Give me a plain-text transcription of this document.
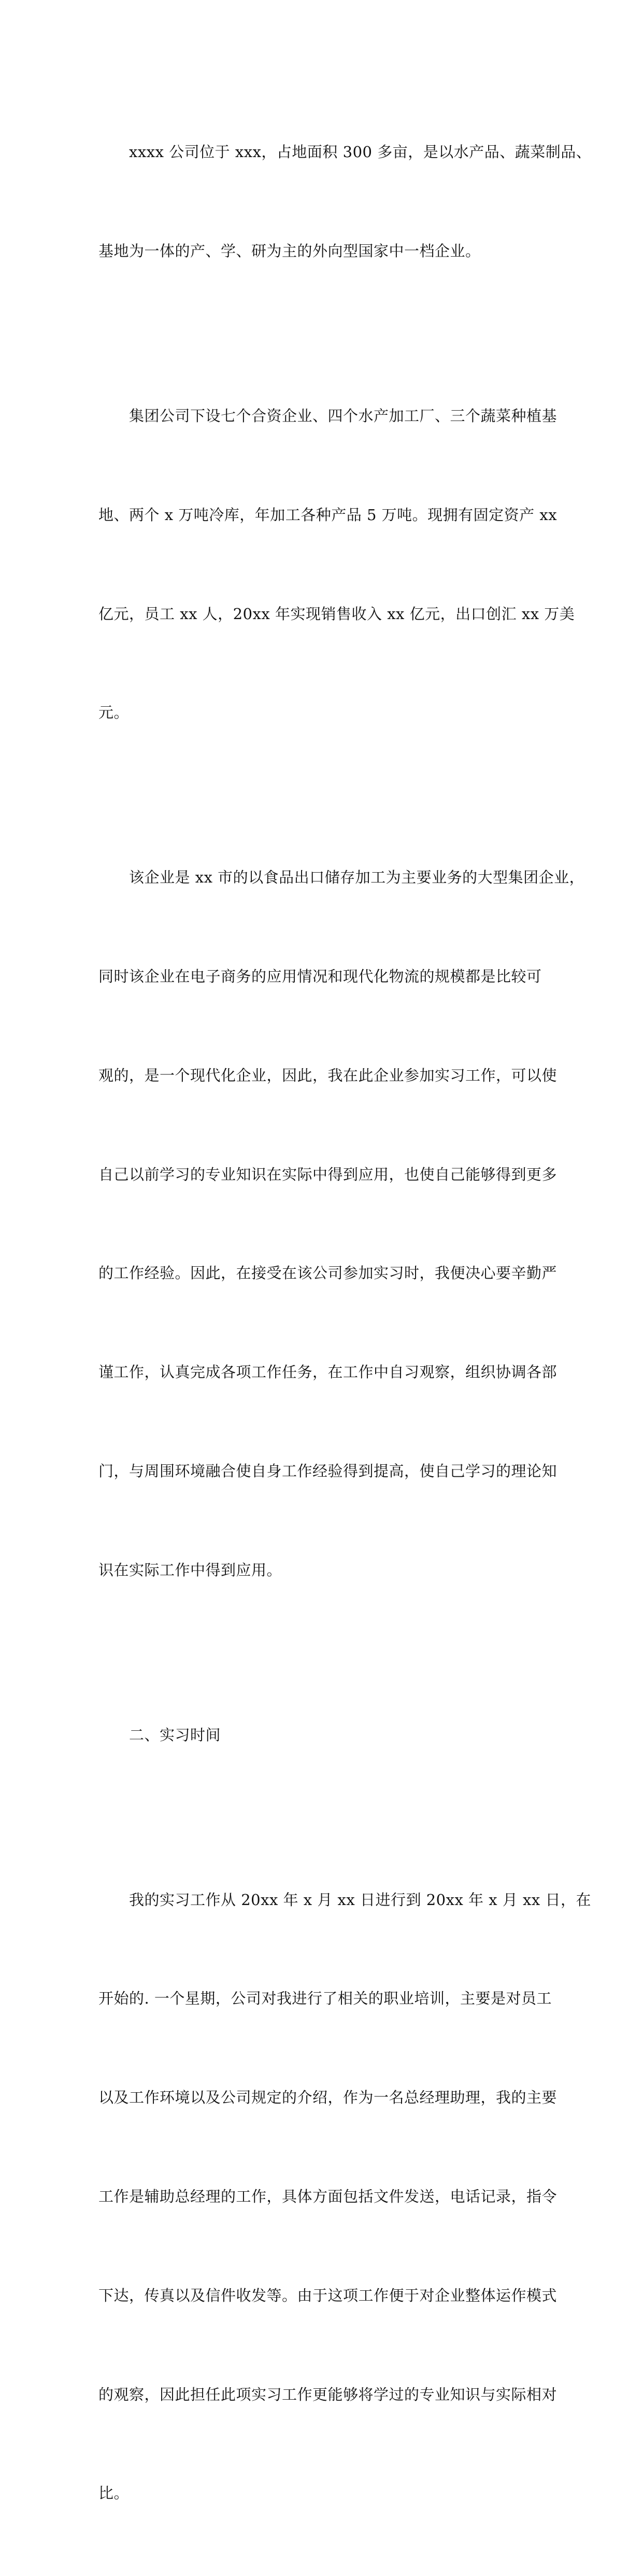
　　xxxx 公司位于 xxx，占地面积 300 多亩，是以水产品、蔬菜制品、

基地为一体的产、学、研为主的外向型国家中一档企业。

　　集团公司下设七个合资企业、四个水产加工厂、三个蔬菜种植基

地、两个 x 万吨冷库，年加工各种产品 5 万吨。现拥有固定资产 xx

亿元，员工 xx 人，20xx 年实现销售收入 xx 亿元，出口创汇 xx 万美

元。

　　该企业是 xx 市的以食品出口储存加工为主要业务的大型集团企业，

同时该企业在电子商务的应用情况和现代化物流的规模都是比较可

观的，是一个现代化企业，因此，我在此企业参加实习工作，可以使

自己以前学习的专业知识在实际中得到应用，也使自己能够得到更多

的工作经验。因此，在接受在该公司参加实习时，我便决心要辛勤严

谨工作，认真完成各项工作任务，在工作中自习观察，组织协调各部

门，与周围环境融合使自身工作经验得到提高，使自己学习的理论知

识在实际工作中得到应用。

　　二、实习时间

　　我的实习工作从 20xx 年 x 月 xx 日进行到 20xx 年 x 月 xx 日，在

开始的. 一个星期，公司对我进行了相关的职业培训，主要是对员工

以及工作环境以及公司规定的介绍，作为一名总经理助理，我的主要

工作是辅助总经理的工作，具体方面包括文件发送，电话记录，指令

下达，传真以及信件收发等。由于这项工作便于对企业整体运作模式

的观察，因此担任此项实习工作更能够将学过的专业知识与实际相对

比。
